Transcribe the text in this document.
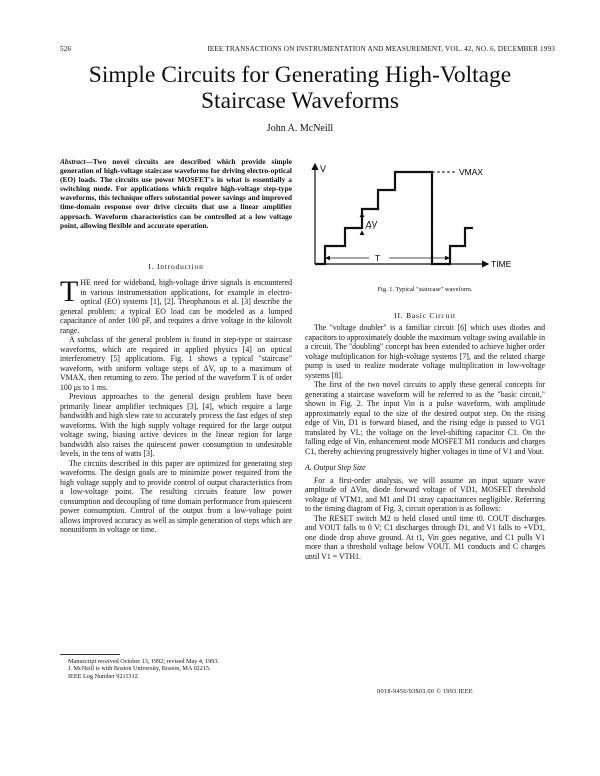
526	IEEE TRANSACTIONS ON INSTRUMENTATION AND MEASUREMENT, VOL. 42, NO. 6, DECEMBER 1993
Simple Circuits for Generating High-Voltage
Staircase Waveforms
John A. McNeill
Abstract—Two novel circuits are described which provide simple generation of high-voltage staircase waveforms for driving electro-optical (EO) loads. The circuits use power MOSFET's in what is essentially a switching mode. For applications which require high-voltage step-type waveforms, this technique offers substantial power savings and improved time-domain response over drive circuits that use a linear amplifier approach. Waveform characteristics can be controlled at a low voltage point, allowing flexible and accurate operation.
I. Introduction

THE need for wideband, high-voltage drive signals is encountered in various instrumentation applications, for example in electro-optical (EO) systems [1], [2]. Theophanous et al. [3] describe the general problem: a typical EO load can be modeled as a lumped capacitance of order 100 pF, and requires a drive voltage in the kilovolt range.

A subclass of the general problem is found in step-type or staircase waveforms, which are required in applied physics [4] on optical interferometry [5] applications. Fig. 1 shows a typical "staircase" waveform, with uniform voltage steps of ΔV, up to a maximum of VMAX, then returning to zero. The period of the waveform T is of order 100 μs to 1 ms.

Previous approaches to the general design problem have been primarily linear amplifier techniques [3], [4], which require a large bandwidth and high slew rate to accurately process the fast edges of step waveforms. With the high supply voltage required for the large output voltage swing, biasing active devices in the linear region for large bandwidth also raises the quiescent power consumption to undesirable levels, in the tens of watts [3].

The circuits described in this paper are optimized for generating step waveforms. The design goals are to minimize power required from the high voltage supply and to provide control of output characteristics from a low-voltage point. The resulting circuits feature low power consumption and decoupling of time domain performance from quiescent power consumption. Control of the output from a low-voltage point allows improved accuracy as well as simple generation of steps which are nonuniform in voltage or time.

Manuscript received October 13, 1992; revised May 4, 1993.
J. McNeill is with Boston University, Boston, MA 02215.
IEEE Log Number 9211312.
V
TIME
VMAX
ΔV
T
Fig. 1. Typical "staircase" waveform.
II. Basic Circuit

The "voltage doubler" is a familiar circuit [6] which uses diodes and capacitors to approximately double the maximum voltage swing available in a circuit. The "doubling" concept has been extended to achieve higher order voltage multiplication for high-voltage systems [7], and the related charge pump is used to realize moderate voltage multiplication in low-voltage systems [8].

The first of the two novel circuits to apply these general concepts for generating a staircase waveform will be referred to as the "basic circuit," shown in Fig. 2. The input Vin is a pulse waveform, with amplitude approximately equal to the size of the desired output step. On the rising edge of Vin, D1 is forward biased, and the rising edge is passed to VG1 translated by VL; the voltage on the level-shifting capacitor C1. On the falling edge of Vin, enhancement mode MOSFET M1 conducts and charges C1, thereby achieving progressively higher voltages in time of V1 and Vout.

A. Output Step Size

For a first-order analysis, we will assume an input square wave amplitude of ΔVin, diode forward voltage of VD1, MOSFET threshold voltage of VTM1, and M1 and D1 stray capacitances negligible. Referring to the timing diagram of Fig. 3, circuit operation is as follows:

The RESET switch M2 is held closed until time t0. COUT discharges and VOUT falls to 0 V; C1 discharges through D1, and V1 falls to +VD1, one diode drop above ground. At t1, Vin goes negative, and C1 pulls V1 more than a threshold voltage below VOUT. M1 conducts and C charges until V1 = VTH1.

0018-9456/93$03.00 © 1993 IEEE
